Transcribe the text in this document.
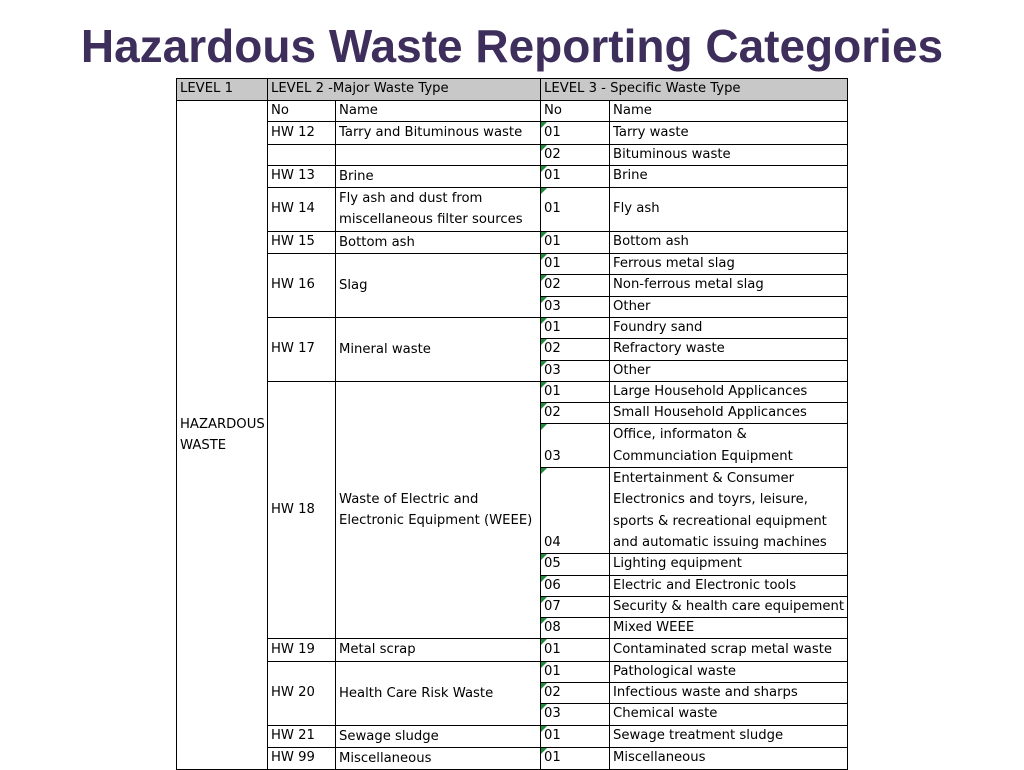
Hazardous Waste Reporting Categories
LEVEL 1	LEVEL 2 -Major Waste Type		LEVEL 3 - Specific Waste Type	
HAZARDOUS WASTE	No	Name	No	Name
	HW 12	Tarry and Bituminous waste	01	Tarry waste
			02	Bituminous waste
	HW 13	Brine	01	Brine
	HW 14	Fly ash and dust from miscellaneous filter sources	01	Fly ash
	HW 15	Bottom ash	01	Bottom ash
	HW 16	Slag	01	Ferrous metal slag
			02	Non-ferrous metal slag
			03	Other
	HW 17	Mineral waste	01	Foundry sand
			02	Refractory waste
			03	Other
	HW 18	Waste of Electric and Electronic Equipment (WEEE)	01	Large Household Applicances
			02	Small Household Applicances
			03	Office, informaton & Communciation Equipment
			04	Entertainment & Consumer Electronics and toyrs, leisure, sports & recreational equipment and automatic issuing machines
			05	Lighting equipment
			06	Electric and Electronic tools
			07	Security & health care equipement
			08	Mixed WEEE
	HW 19	Metal scrap	01	Contaminated scrap metal waste
	HW 20	Health Care Risk Waste	01	Pathological waste
			02	Infectious waste and sharps
			03	Chemical waste
	HW 21	Sewage sludge	01	Sewage treatment sludge
	HW 99	Miscellaneous	01	Miscellaneous
